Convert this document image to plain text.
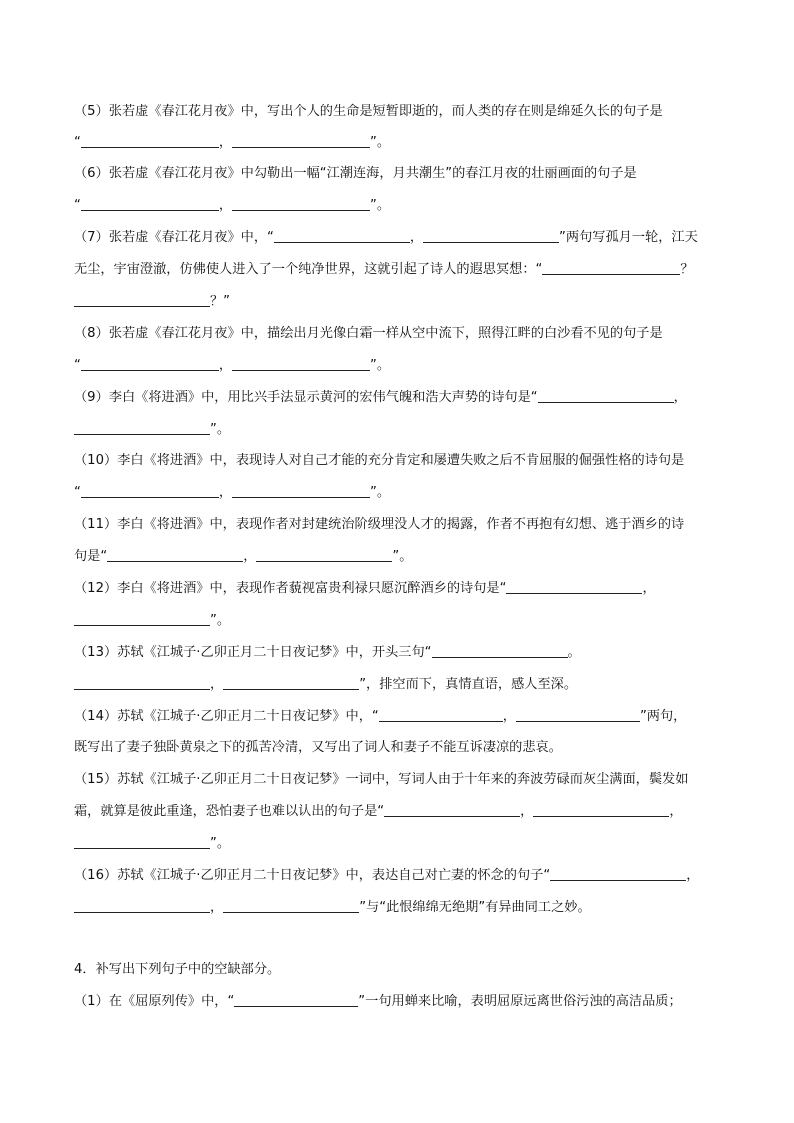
（5）张若虚《春江花月夜》中，写出个人的生命是短暂即逝的，而人类的存在则是绵延久长的句子是
“	，	”。
（6）张若虚《春江花月夜》中勾勒出一幅“江潮连海，月共潮生”的春江月夜的壮丽画面的句子是
“	，	”。
（7）张若虚《春江花月夜》中，“	，	”两句写孤月一轮，江天
无尘，宇宙澄澈，仿佛使人进入了一个纯净世界，这就引起了诗人的遐思冥想：“	？
？”
（8）张若虚《春江花月夜》中，描绘出月光像白霜一样从空中流下，照得江畔的白沙看不见的句子是
“	，	”。
（9）李白《将进酒》中，用比兴手法显示黄河的宏伟气魄和浩大声势的诗句是“	，
”。
（10）李白《将进酒》中，表现诗人对自己才能的充分肯定和屡遭失败之后不肯屈服的倔强性格的诗句是
“	，	”。
（11）李白《将进酒》中，表现作者对封建统治阶级埋没人才的揭露，作者不再抱有幻想、逃于酒乡的诗
句是“	，	”。
（12）李白《将进酒》中，表现作者藐视富贵利禄只愿沉醉酒乡的诗句是“	，
”。
（13）苏轼《江城子·乙卯正月二十日夜记梦》中，开头三句“	。
，	”，排空而下，真情直语，感人至深。
（14）苏轼《江城子·乙卯正月二十日夜记梦》中，“	，	”两句，
既写出了妻子独卧黄泉之下的孤苦冷清，又写出了词人和妻子不能互诉凄凉的悲哀。
（15）苏轼《江城子·乙卯正月二十日夜记梦》一词中，写词人由于十年来的奔波劳碌而灰尘满面，鬓发如
霜，就算是彼此重逢，恐怕妻子也难以认出的句子是“	，	，
”。
（16）苏轼《江城子·乙卯正月二十日夜记梦》中，表达自己对亡妻的怀念的句子“	，
，	”与“此恨绵绵无绝期”有异曲同工之妙。
4．补写出下列句子中的空缺部分。
（1）在《屈原列传》中，“	”一句用蝉来比喻，表明屈原远离世俗污浊的高洁品质；
